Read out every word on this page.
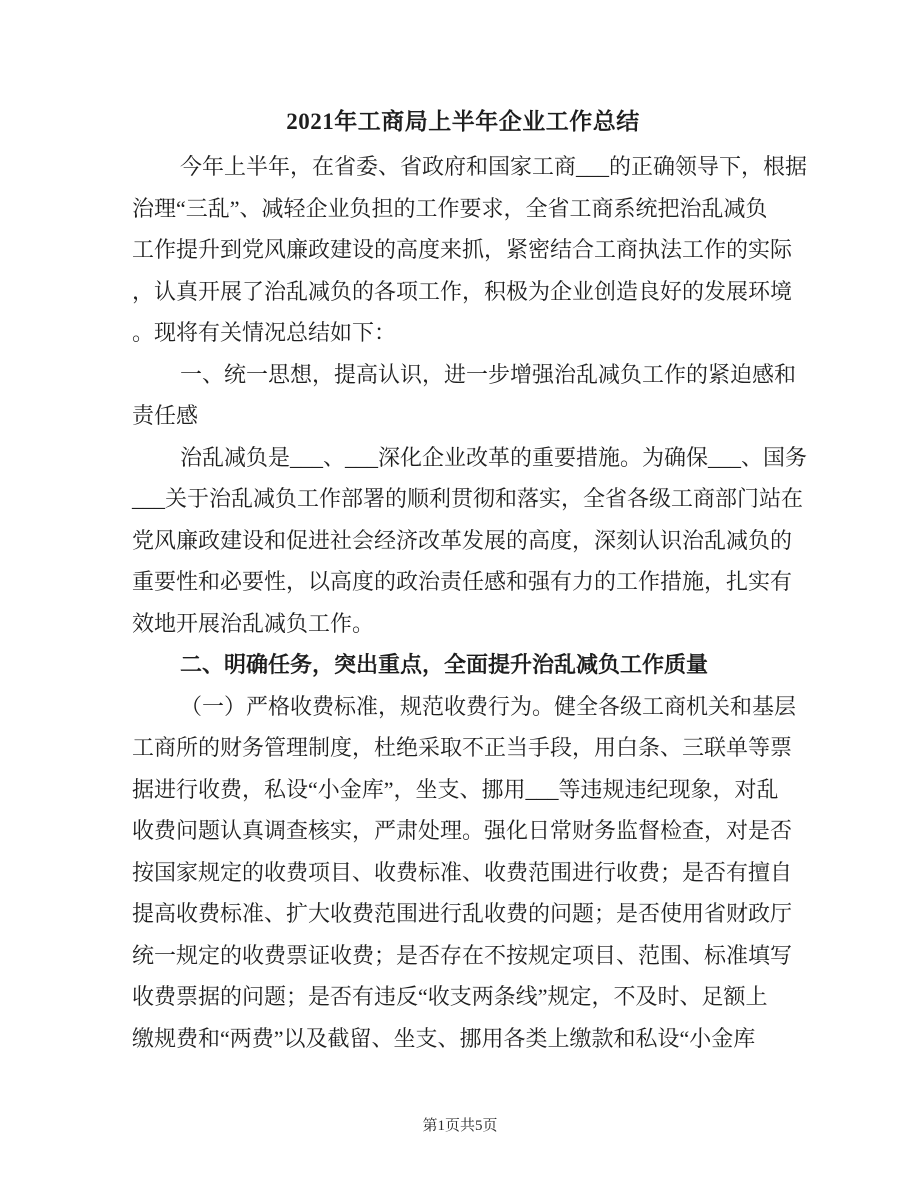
2021年工商局上半年企业工作总结
今年上半年，在省委、省政府和国家工商___的正确领导下，根据
治理“三乱”、减轻企业负担的工作要求，全省工商系统把治乱减负
工作提升到党风廉政建设的高度来抓，紧密结合工商执法工作的实际
，认真开展了治乱减负的各项工作，积极为企业创造良好的发展环境
。现将有关情况总结如下：
一、统一思想，提高认识，进一步增强治乱减负工作的紧迫感和
责任感
治乱减负是___、___深化企业改革的重要措施。为确保___、国务
___关于治乱减负工作部署的顺利贯彻和落实，全省各级工商部门站在
党风廉政建设和促进社会经济改革发展的高度，深刻认识治乱减负的
重要性和必要性，以高度的政治责任感和强有力的工作措施，扎实有
效地开展治乱减负工作。
二、明确任务，突出重点，全面提升治乱减负工作质量
（一）严格收费标准，规范收费行为。健全各级工商机关和基层
工商所的财务管理制度，杜绝采取不正当手段，用白条、三联单等票
据进行收费，私设“小金库”，坐支、挪用___等违规违纪现象，对乱
收费问题认真调查核实，严肃处理。强化日常财务监督检查，对是否
按国家规定的收费项目、收费标准、收费范围进行收费；是否有擅自
提高收费标准、扩大收费范围进行乱收费的问题；是否使用省财政厅
统一规定的收费票证收费；是否存在不按规定项目、范围、标准填写
收费票据的问题；是否有违反“收支两条线”规定，不及时、足额上
缴规费和“两费”以及截留、坐支、挪用各类上缴款和私设“小金库
第1页共5页
